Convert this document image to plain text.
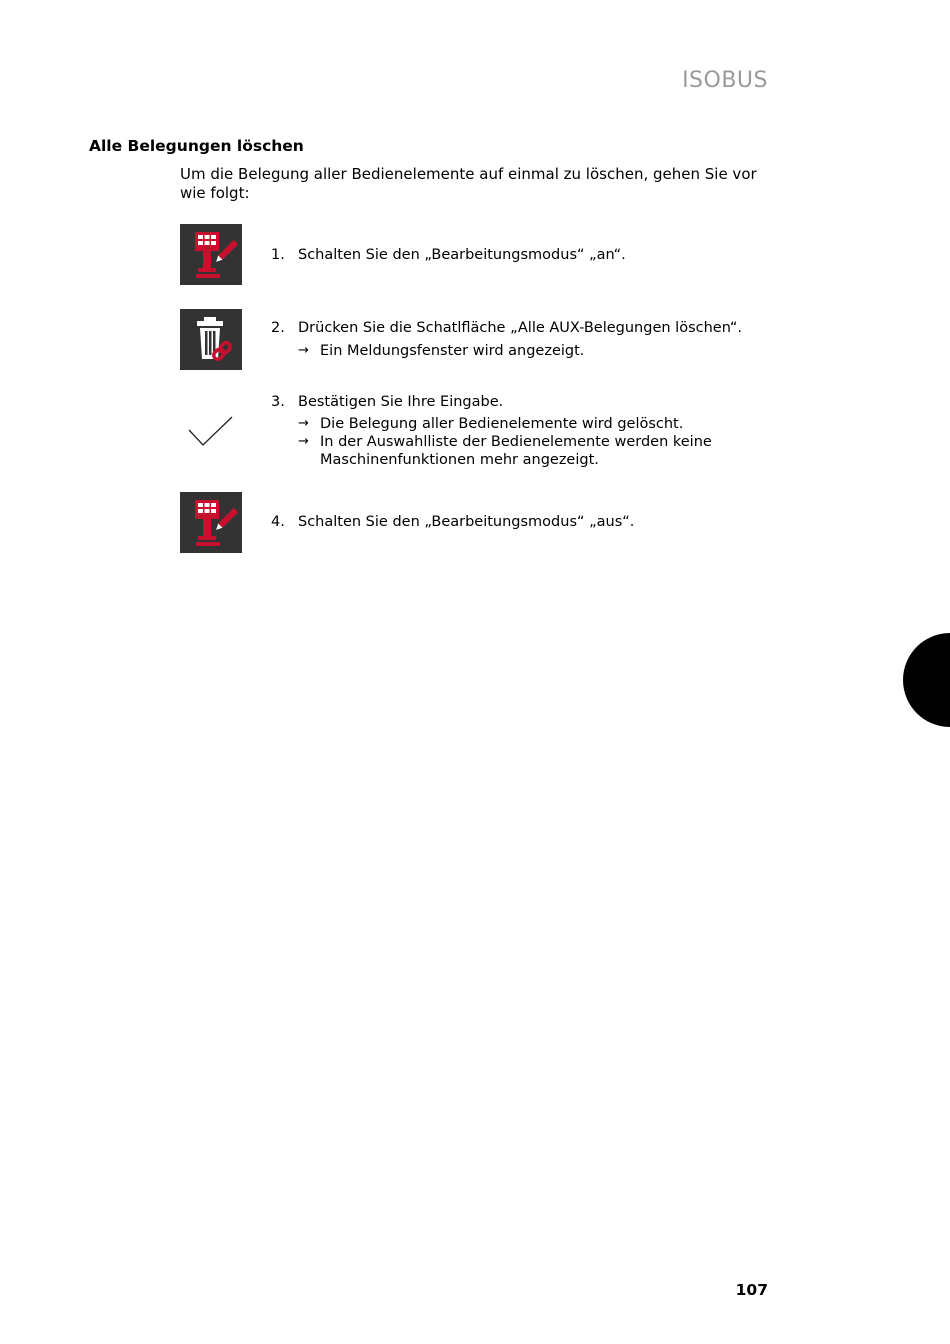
ISOBUS
Alle Belegungen löschen
Um die Belegung aller Bedienelemente auf einmal zu löschen, gehen Sie vor wie folgt:
1. Schalten Sie den „Bearbeitungsmodus“ „an“.
2. Drücken Sie die Schatlfläche „Alle AUX-Belegungen löschen“.
→ Ein Meldungsfenster wird angezeigt.
3. Bestätigen Sie Ihre Eingabe.
→ Die Belegung aller Bedienelemente wird gelöscht.
→ In der Auswahlliste der Bedienelemente werden keine Maschinenfunktionen mehr angezeigt.
4. Schalten Sie den „Bearbeitungsmodus“ „aus“.
107
